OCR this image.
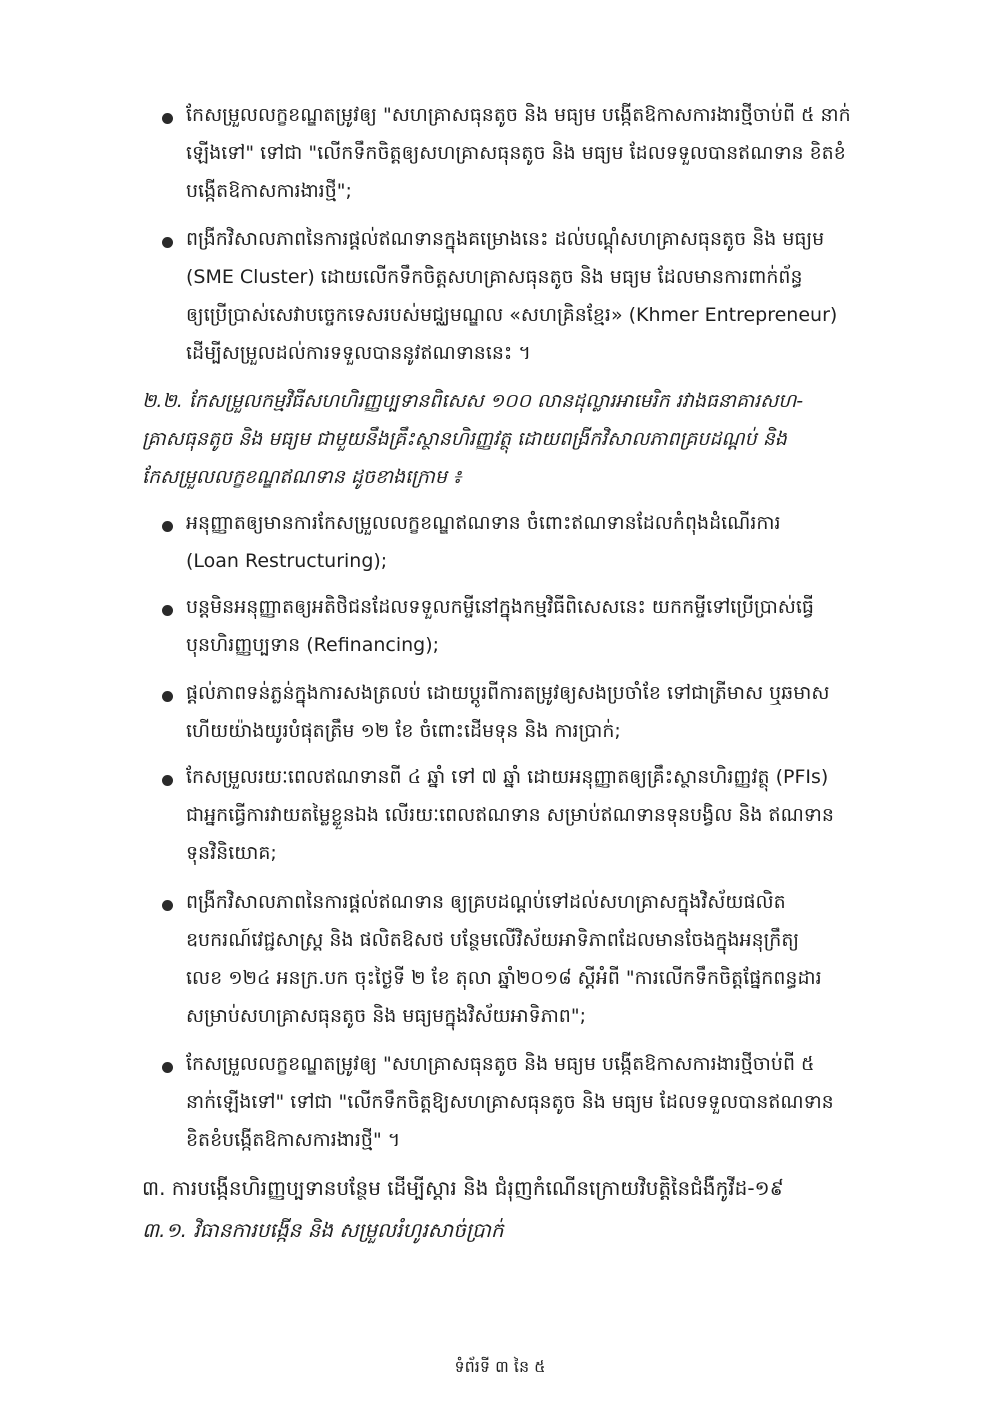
កែសម្រួលលក្ខខណ្ឌតម្រូវឲ្យ "សហគ្រាសធុនតូច និង មធ្យម បង្កើតឱកាសការងារថ្មីចាប់ពី ៥ នាក់
ឡើងទៅ" ទៅជា "លើកទឹកចិត្តឲ្យសហគ្រាសធុនតូច និង មធ្យម ដែលទទួលបានឥណទាន ខិតខំ
បង្កើតឱកាសការងារថ្មី";
ពង្រីកវិសាលភាពនៃការផ្តល់ឥណទានក្នុងគម្រោងនេះ ដល់បណ្តុំសហគ្រាសធុនតូច និង មធ្យម
(SME Cluster) ដោយលើកទឹកចិត្តសហគ្រាសធុនតូច និង មធ្យម ដែលមានការពាក់ព័ន្ធ
ឲ្យប្រើប្រាស់សេវាបច្ចេកទេសរបស់មជ្ឈមណ្ឌល «សហគ្រិនខ្មែរ» (Khmer Entrepreneur)
ដើម្បីសម្រួលដល់ការទទួលបាននូវឥណទាននេះ ។
២.២. កែសម្រួលកម្មវិធីសហហិរញ្ញប្បទានពិសេស ១០០ លានដុល្លារអាមេរិក រវាងធនាគារសហ-
គ្រាសធុនតូច និង មធ្យម ជាមួយនឹងគ្រឹះស្ថានហិរញ្ញវត្ថុ ដោយពង្រីកវិសាលភាពគ្របដណ្តប់ និង
កែសម្រួលលក្ខខណ្ឌឥណទាន ដូចខាងក្រោម ៖
អនុញ្ញាតឲ្យមានការកែសម្រួលលក្ខខណ្ឌឥណទាន ចំពោះឥណទានដែលកំពុងដំណើរការ
(Loan Restructuring);
បន្តមិនអនុញ្ញាតឲ្យអតិថិជនដែលទទួលកម្ចីនៅក្នុងកម្មវិធីពិសេសនេះ យកកម្ចីទៅប្រើប្រាស់ធ្វើ
បុនហិរញ្ញប្បទាន (Refinancing);
ផ្តល់ភាពទន់ភ្លន់ក្នុងការសងត្រលប់ ដោយប្តូរពីការតម្រូវឲ្យសងប្រចាំខែ ទៅជាត្រីមាស ឬឆមាស
ហើយយ៉ាងយូរបំផុតត្រឹម ១២ ខែ ចំពោះដើមទុន និង ការប្រាក់;
កែសម្រួលរយៈពេលឥណទានពី ៤ ឆ្នាំ ទៅ ៧ ឆ្នាំ ដោយអនុញ្ញាតឲ្យគ្រឹះស្ថានហិរញ្ញវត្ថុ (PFIs)
ជាអ្នកធ្វើការវាយតម្លៃខ្លួនឯង លើរយៈពេលឥណទាន សម្រាប់ឥណទានទុនបង្វិល និង ឥណទាន
ទុនវិនិយោគ;
ពង្រីកវិសាលភាពនៃការផ្តល់ឥណទាន ឲ្យគ្របដណ្តប់ទៅដល់សហគ្រាសក្នុងវិស័យផលិត
ឧបករណ៍វេជ្ជសាស្ត្រ និង ផលិតឱសថ បន្ថែមលើវិស័យអាទិភាពដែលមានចែងក្នុងអនុក្រឹត្យ
លេខ ១២៤ អនក្រ.បក ចុះថ្ងៃទី ២ ខែ តុលា ឆ្នាំ២០១៨ ស្តីអំពី "ការលើកទឹកចិត្តផ្នែកពន្ធដារ
សម្រាប់សហគ្រាសធុនតូច និង មធ្យមក្នុងវិស័យអាទិភាព";
កែសម្រួលលក្ខខណ្ឌតម្រូវឲ្យ "សហគ្រាសធុនតូច និង មធ្យម បង្កើតឱកាសការងារថ្មីចាប់ពី ៥
នាក់ឡើងទៅ" ទៅជា "លើកទឹកចិត្តឱ្យសហគ្រាសធុនតូច និង មធ្យម ដែលទទួលបានឥណទាន
ខិតខំបង្កើតឱកាសការងារថ្មី" ។
៣. ការបង្កើនហិរញ្ញប្បទានបន្ថែម ដើម្បីស្តារ និង ជំរុញកំណើនក្រោយវិបត្តិនៃជំងឺកូវីដ-១៩
៣.១. វិធានការបង្កើន និង សម្រួលរំហូរសាច់ប្រាក់
ទំព័រទី ៣ នៃ ៥
